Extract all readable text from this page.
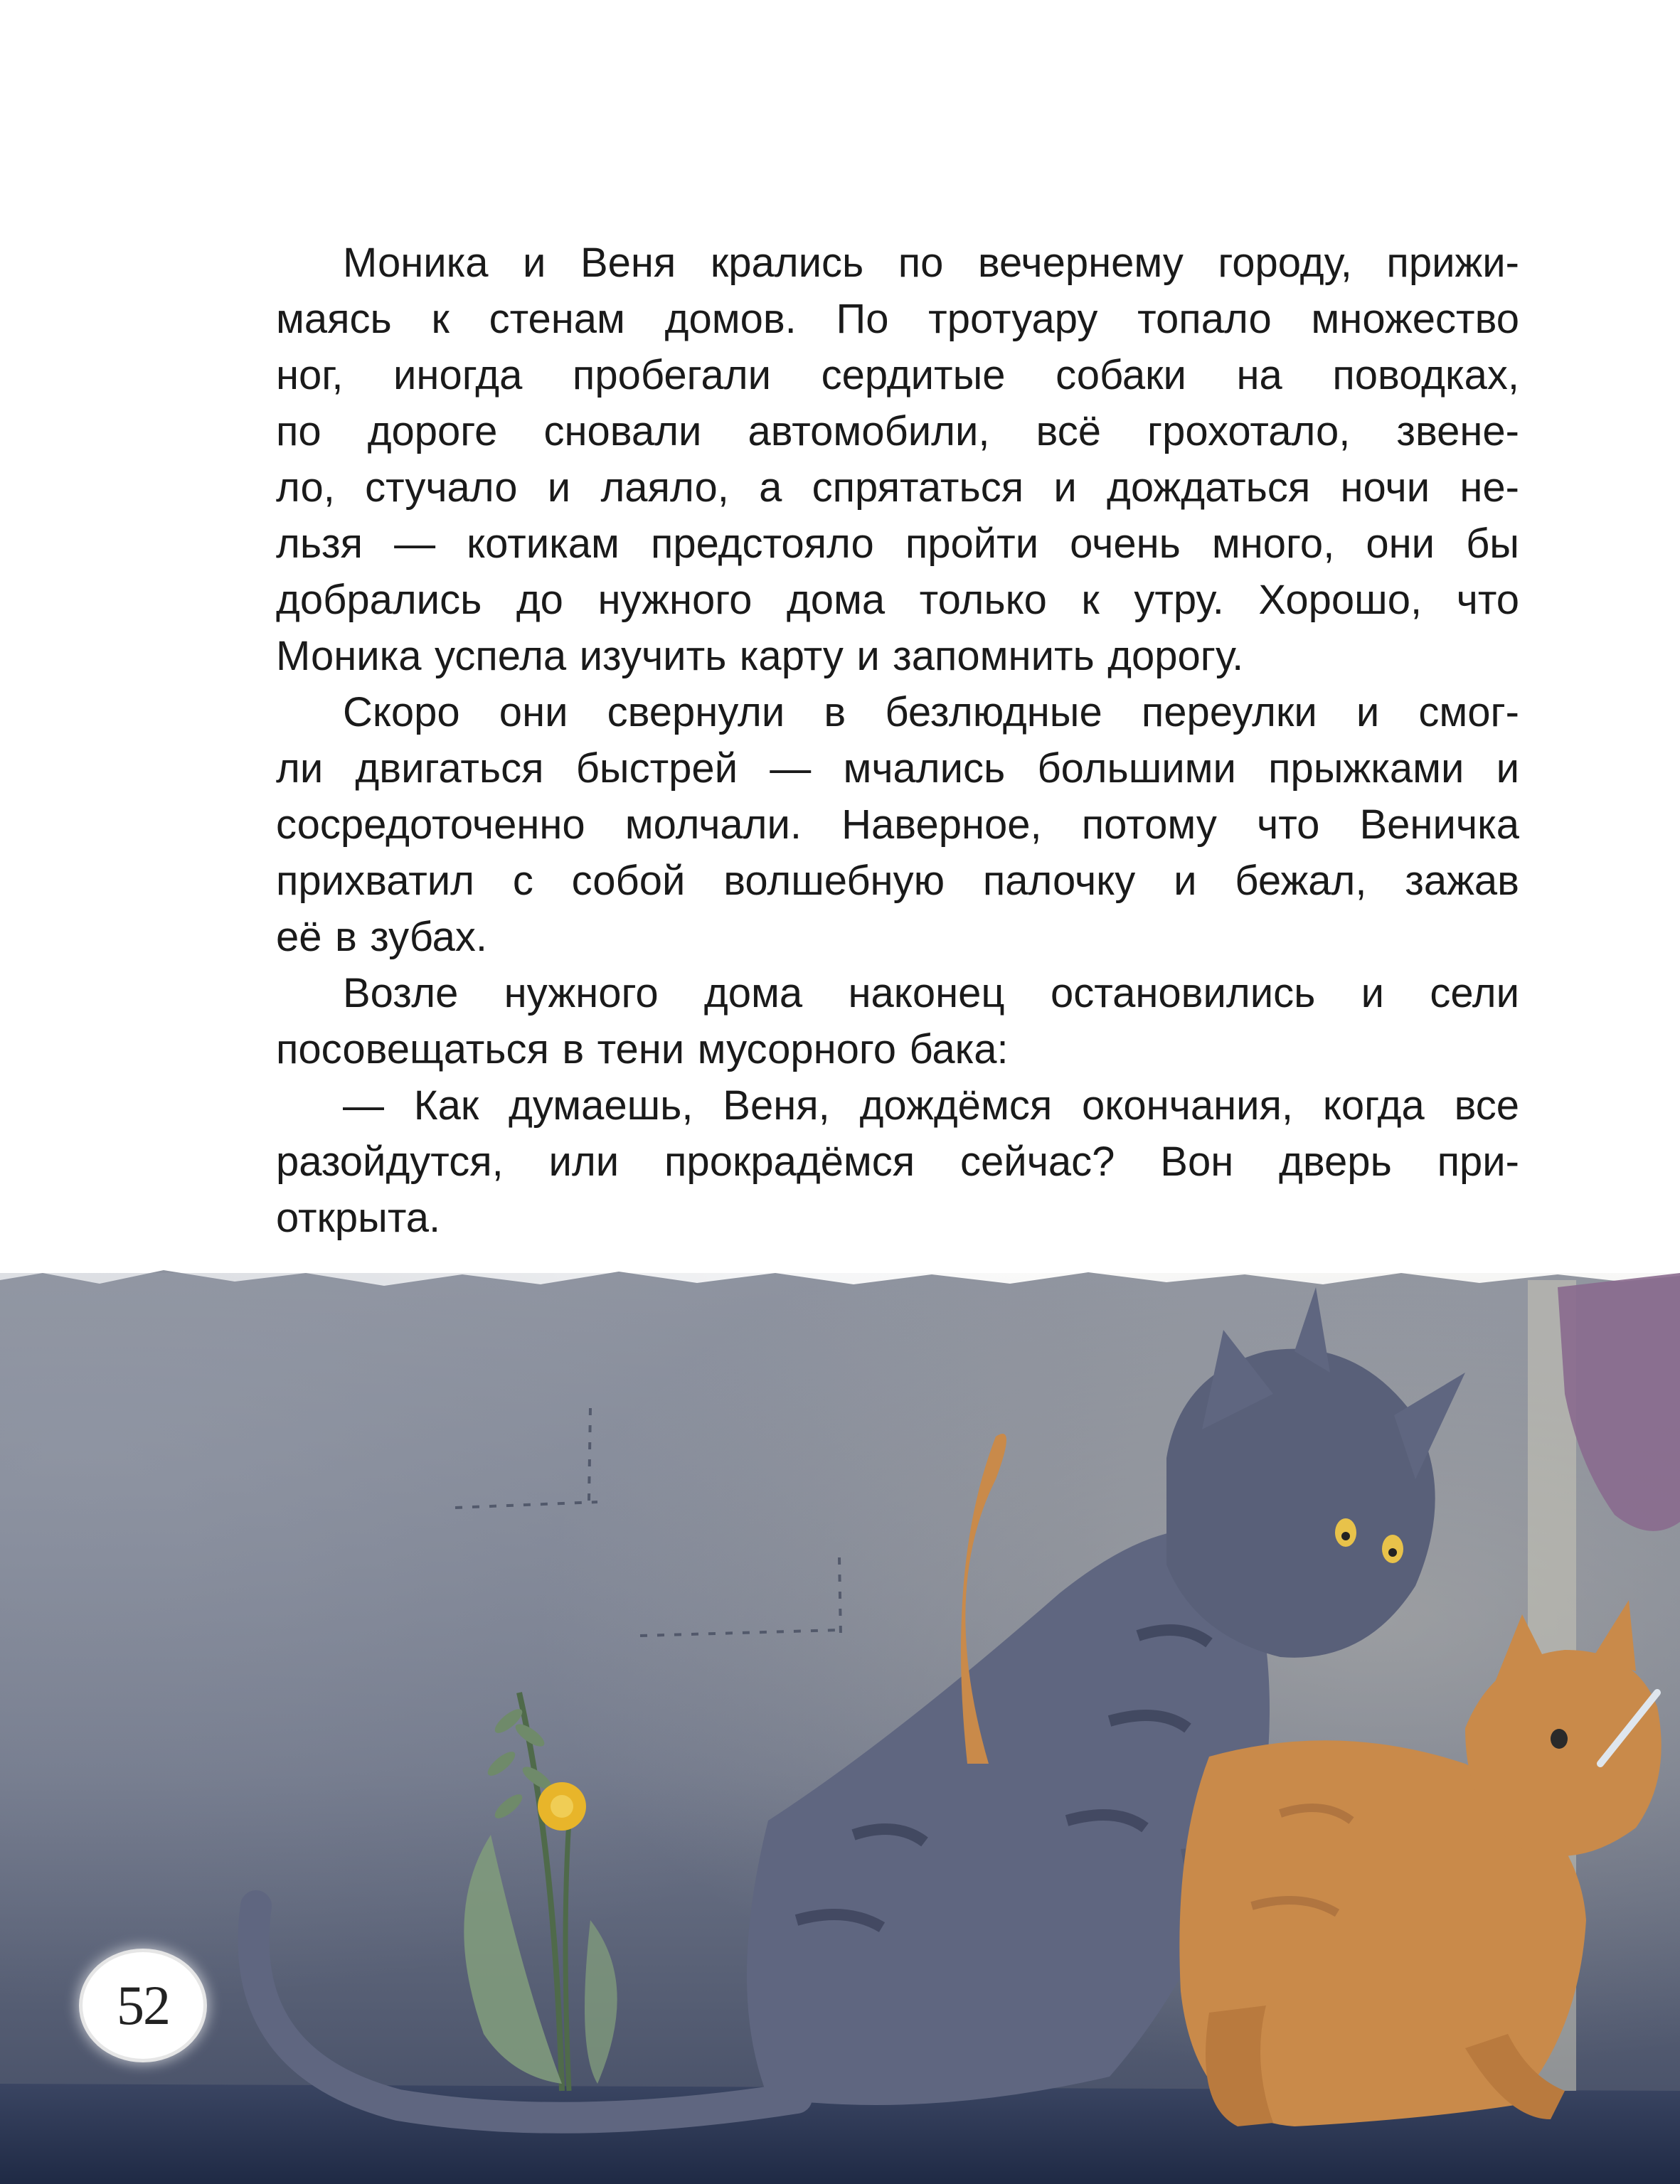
Моника и Веня крались по вечернему городу, прижи-
маясь к стенам домов. По тротуару топало множество
ног, иногда пробегали сердитые собаки на поводках,
по дороге сновали автомобили, всё грохотало, звене-
ло, стучало и лаяло, а спрятаться и дождаться ночи не-
льзя — котикам предстояло пройти очень много, они бы
добрались до нужного дома только к утру. Хорошо, что
Моника успела изучить карту и запомнить дорогу.
Скоро они свернули в безлюдные переулки и смог-
ли двигаться быстрей — мчались большими прыжками и
сосредоточенно молчали. Наверное, потому что Веничка
прихватил с собой волшебную палочку и бежал, зажав
её в зубах.
Возле нужного дома наконец остановились и сели
посовещаться в тени мусорного бака:
— Как думаешь, Веня, дождёмся окончания, когда все
разойдутся, или прокрадёмся сейчас? Вон дверь при-
открыта.
52
